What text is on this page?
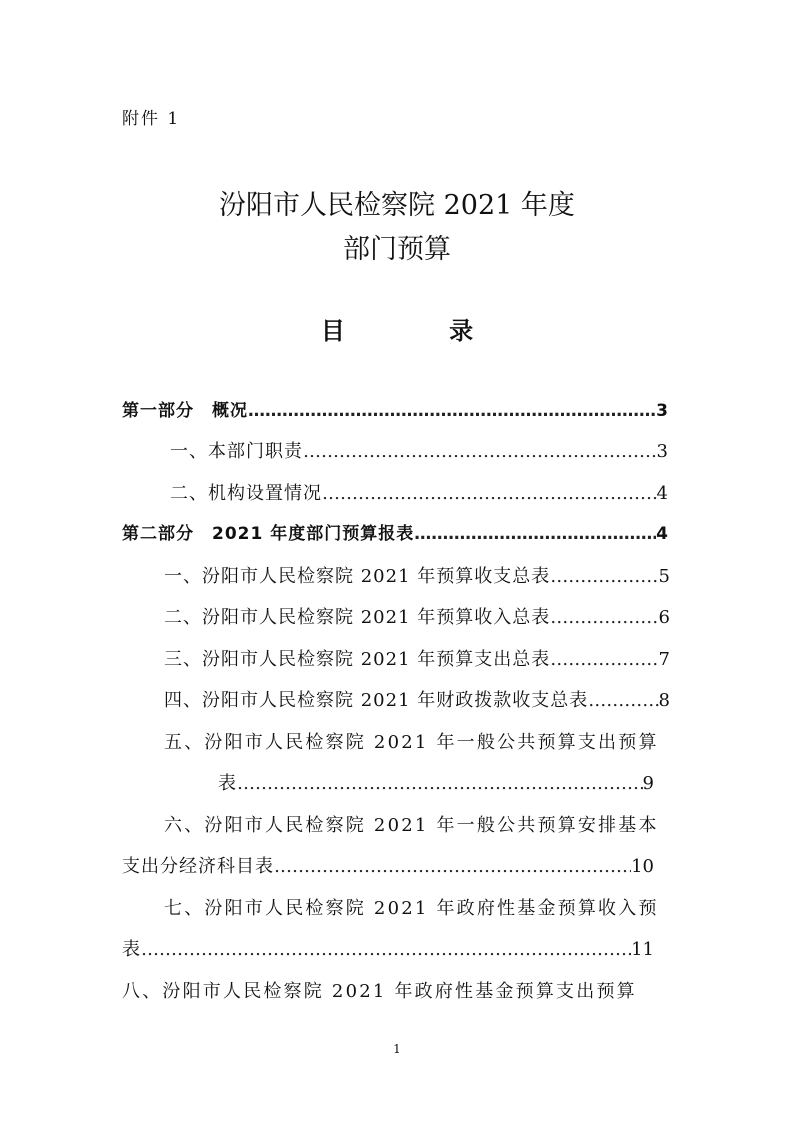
附件 1
汾阳市人民检察院 2021 年度
部门预算
目 录
第一部分　概况 …………………………………………………………………………………………………………………………	3
一、本部门职责 …………………………………………………………………………………………………………………………	3
二、机构设置情况 …………………………………………………………………………………………………………………………	4
第二部分　2021 年度部门预算报表 …………………………………………………………………………………………………………………………	4
一、汾阳市人民检察院 2021 年预算收支总表 …………………………………………………………………………………………………………………………	5
二、汾阳市人民检察院 2021 年预算收入总表 …………………………………………………………………………………………………………………………	6
三、汾阳市人民检察院 2021 年预算支出总表 …………………………………………………………………………………………………………………………	7
四、汾阳市人民检察院 2021 年财政拨款收支总表 …………………………………………………………………………………………………………………………	8
五、汾阳市人民检察院 2021 年一般公共预算支出预算
表 …………………………………………………………………………………………………………………………	9
六、汾阳市人民检察院 2021 年一般公共预算安排基本
支出分经济科目表 …………………………………………………………………………………………………………………………	10
七、汾阳市人民检察院 2021 年政府性基金预算收入预
表 …………………………………………………………………………………………………………………………	11
八、汾阳市人民检察院 2021 年政府性基金预算支出预算
1
